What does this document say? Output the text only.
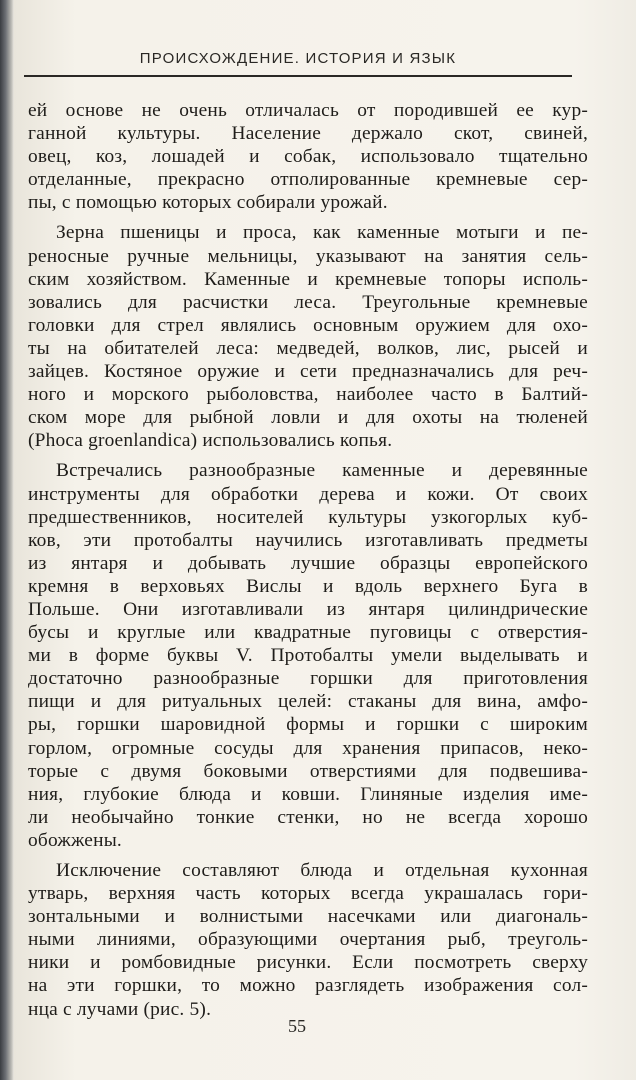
ПРОИСХОЖДЕНИЕ. ИСТОРИЯ И ЯЗЫК

ей основе не очень отличалась от породившей ее кур-
ганной культуры. Население держало скот, свиней,
овец, коз, лошадей и собак, использовало тщательно
отделанные, прекрасно отполированные кремневые сер-
пы, с помощью которых собирали урожай.

Зерна пшеницы и проса, как каменные мотыги и пе-
реносные ручные мельницы, указывают на занятия сель-
ским хозяйством. Каменные и кремневые топоры исполь-
зовались для расчистки леса. Треугольные кремневые
головки для стрел являлись основным оружием для охо-
ты на обитателей леса: медведей, волков, лис, рысей и
зайцев. Костяное оружие и сети предназначались для реч-
ного и морского рыболовства, наиболее часто в Балтий-
ском море для рыбной ловли и для охоты на тюленей
(Phoca groenlandica) использовались копья.

Встречались разнообразные каменные и деревянные
инструменты для обработки дерева и кожи. От своих
предшественников, носителей культуры узкогорлых куб-
ков, эти протобалты научились изготавливать предметы
из янтаря и добывать лучшие образцы европейского
кремня в верховьях Вислы и вдоль верхнего Буга в
Польше. Они изготавливали из янтаря цилиндрические
бусы и круглые или квадратные пуговицы с отверстия-
ми в форме буквы V. Протобалты умели выделывать и
достаточно разнообразные горшки для приготовления
пищи и для ритуальных целей: стаканы для вина, амфо-
ры, горшки шаровидной формы и горшки с широким
горлом, огромные сосуды для хранения припасов, неко-
торые с двумя боковыми отверстиями для подвешива-
ния, глубокие блюда и ковши. Глиняные изделия име-
ли необычайно тонкие стенки, но не всегда хорошо
обожжены.

Исключение составляют блюда и отдельная кухонная
утварь, верхняя часть которых всегда украшалась гори-
зонтальными и волнистыми насечками или диагональ-
ными линиями, образующими очертания рыб, треуголь-
ники и ромбовидные рисунки. Если посмотреть сверху
на эти горшки, то можно разглядеть изображения сол-
нца с лучами (рис. 5).

55
